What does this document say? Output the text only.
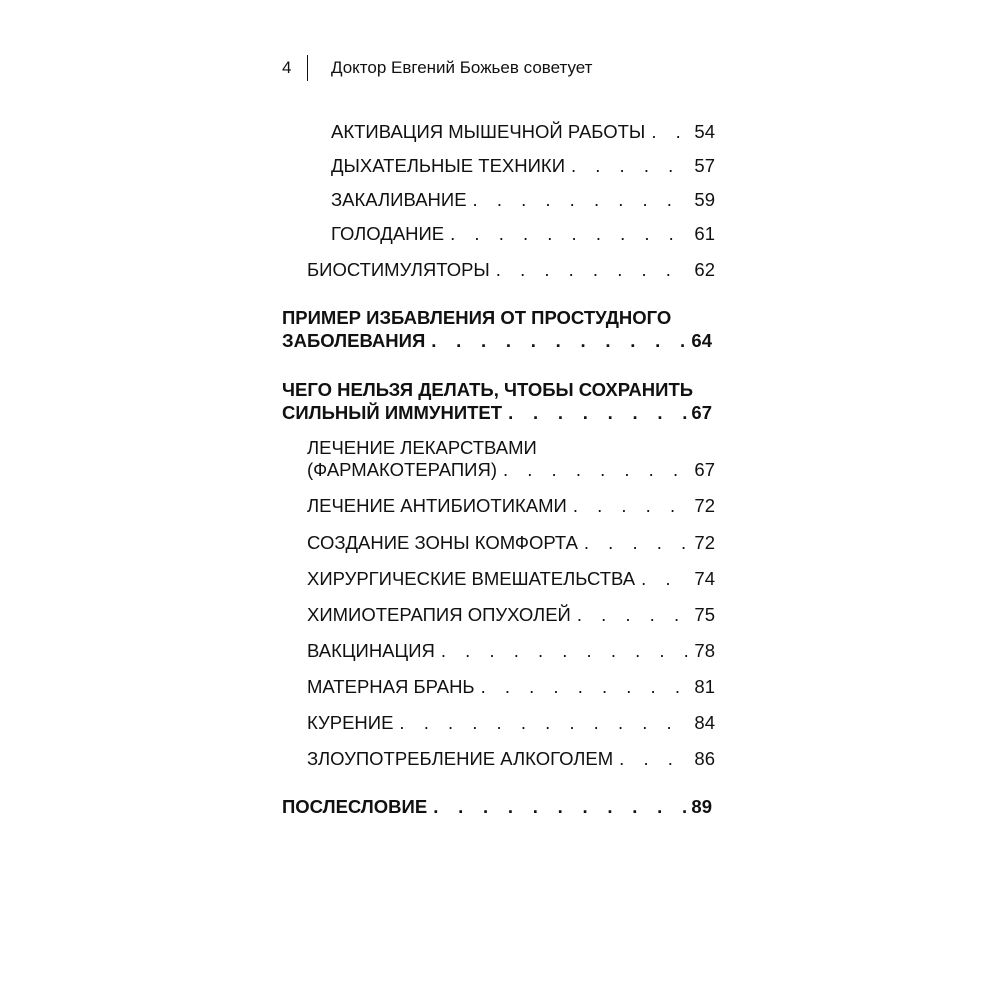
4 Доктор Евгений Божьев советует
АКТИВАЦИЯ МЫШЕЧНОЙ РАБОТЫ . . .	54
ДЫХАТЕЛЬНЫЕ ТЕХНИКИ . . .	57
ЗАКАЛИВАНИЕ . . .	59
ГОЛОДАНИЕ . . .	61
БИОСТИМУЛЯТОРЫ . . .	62
ПРИМЕР ИЗБАВЛЕНИЯ ОТ ПРОСТУДНОГО
ЗАБОЛЕВАНИЯ . . .	64
ЧЕГО НЕЛЬЗЯ ДЕЛАТЬ, ЧТОБЫ СОХРАНИТЬ
СИЛЬНЫЙ ИММУНИТЕТ . . .	67
ЛЕЧЕНИЕ ЛЕКАРСТВАМИ
(ФАРМАКОТЕРАПИЯ) . . .	67
ЛЕЧЕНИЕ АНТИБИОТИКАМИ . . .	72
СОЗДАНИЕ ЗОНЫ КОМФОРТА . . .	72
ХИРУРГИЧЕСКИЕ ВМЕШАТЕЛЬСТВА . . .	74
ХИМИОТЕРАПИЯ ОПУХОЛЕЙ . . .	75
ВАКЦИНАЦИЯ . . .	78
МАТЕРНАЯ БРАНЬ . . .	81
КУРЕНИЕ . . .	84
ЗЛОУПОТРЕБЛЕНИЕ АЛКОГОЛЕМ . . .	86
ПОСЛЕСЛОВИЕ . . .	89
